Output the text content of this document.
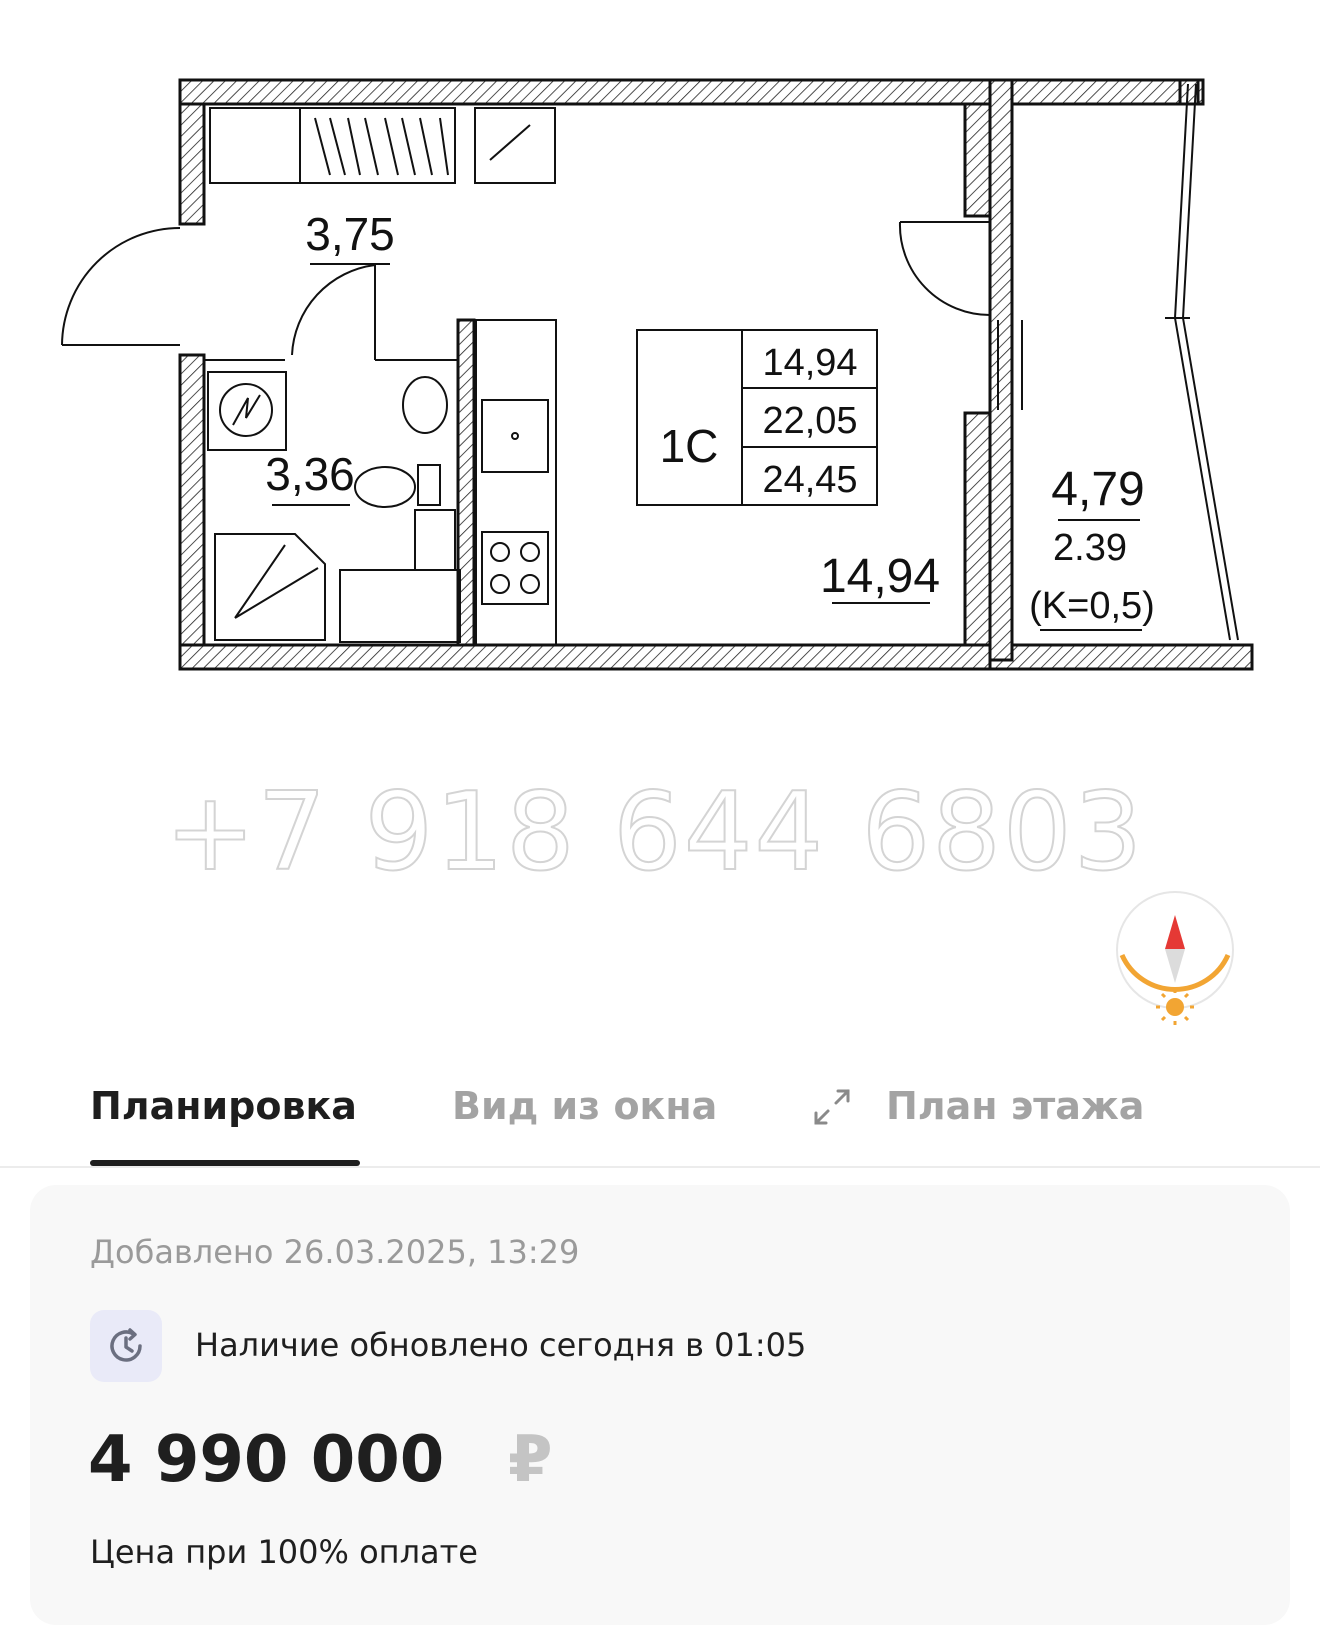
3,75
3,36
1С
14,94
22,05
24,45
14,94
4,79
2.39
(K=0,5)
+7 918 644 6803
Планировка	Вид из окна	План этажа
Добавлено 26.03.2025, 13:29
Наличие обновлено сегодня в 01:05
4 990 000 ₽
Цена при 100% оплате
